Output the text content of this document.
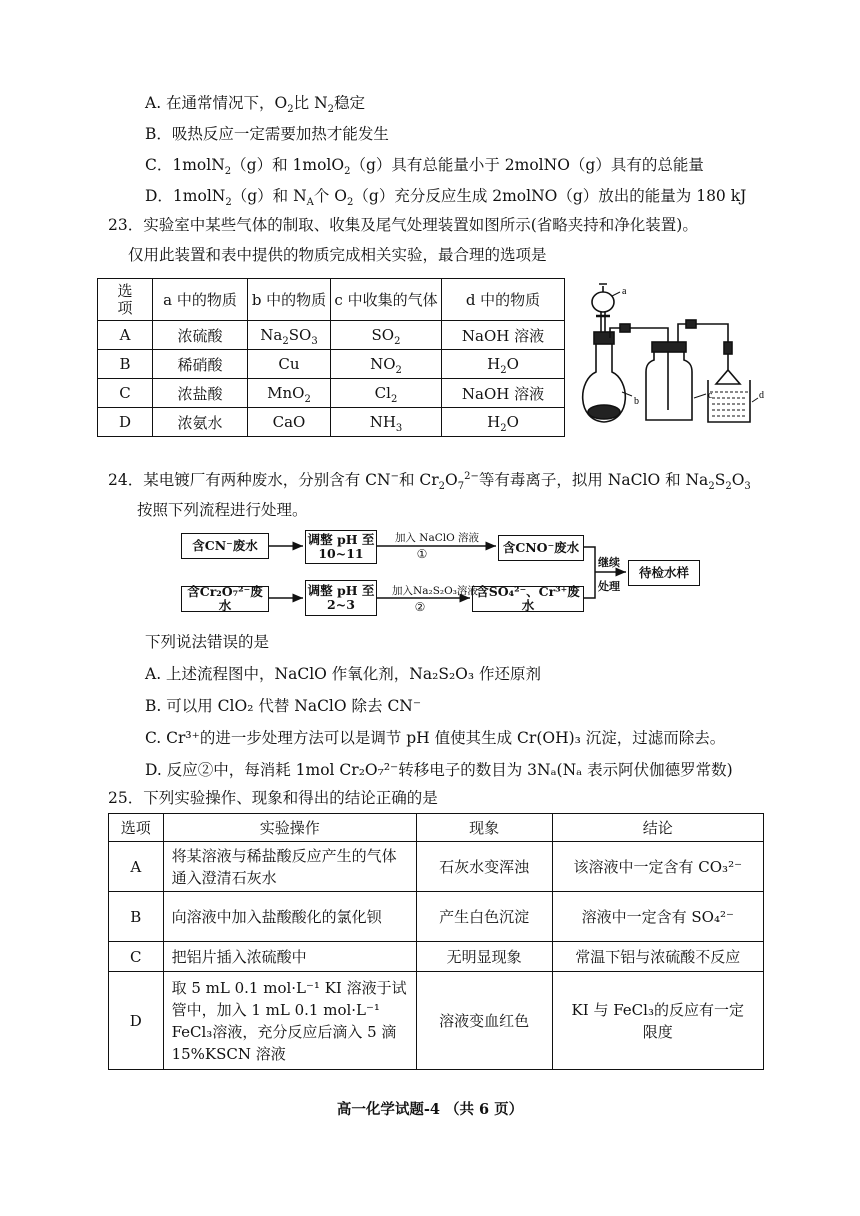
A. 在通常情况下，$O_2$比 $N_2$稳定
B．吸热反应一定需要加热才能发生
C．1molN$_2$（g）和 1molO$_2$（g）具有总能量小于 2molNO（g）具有的总能量
D．1molN$_2$（g）和 $N_A$个 $O_2(g)$充分反应生成 2molNO（g）放出的能量为 180 kJ
23．实验室中某些气体的制取、收集及尾气处理装置如图所示(省略夹持和净化装置)。
仅用此装置和表中提供的物质完成相关实验，最合理的选项是
选
项	a 中的物质	b 中的物质	c 中收集的气体	d 中的物质
A	浓硫酸	$Na_2SO_3$	$SO_2$	NaOH 溶液
B	稀硝酸	Cu	$NO_2$	$H_2O$
C	浓盐酸	MnO$_2$	$Cl_2$	NaOH 溶液
D	浓氨水	CaO	$NH_3$	$H_2O$
a
b
c	d
24．某电镀厂有两种废水，分别含有 CN−和 $Cr_2O_7^{2-}$等有毒离子，拟用 NaClO 和 $Na_2S_2O_3$
按照下列流程进行处理。
含CN⁻废水	调整 pH 至
10~11
加入 NaClO 溶液
①	含CNO⁻废水
含Cr₂O₇²⁻废水
调整 pH 至
2~3
加入Na₂S₂O₃溶液
②
含SO₄²⁻、Cr³⁺废水
继续
处理
待检水样
下列说法错误的是
A. 上述流程图中，NaClO 作氧化剂，Na₂S₂O₃ 作还原剂
B. 可以用 ClO₂ 代替 NaClO 除去 CN⁻
C. Cr³⁺的进一步处理方法可以是调节 pH 值使其生成 Cr(OH)₃ 沉淀，过滤而除去。
D. 反应②中，每消耗 1mol Cr₂O₇²⁻转移电子的数目为 3Nₐ(Nₐ 表示阿伏伽德罗常数)
25．下列实验操作、现象和得出的结论正确的是
选项	实验操作	现象	结论
A	将某溶液与稀盐酸反应产生的气体通入澄清石灰水	石灰水变浑浊	该溶液中一定含有 CO₃²⁻
B	向溶液中加入盐酸酸化的氯化钡	产生白色沉淀	溶液中一定含有 SO₄²⁻
C	把铝片插入浓硫酸中	无明显现象	常温下铝与浓硫酸不反应
D	取 5 mL 0.1 mol·L⁻¹ KI 溶液于试管中，加入 1 mL 0.1 mol·L⁻¹ FeCl₃溶液，充分反应后滴入 5 滴 15%KSCN 溶液	溶液变血红色	KI 与 FeCl₃的反应有一定限度
高一化学试题-4 （共 6 页）
